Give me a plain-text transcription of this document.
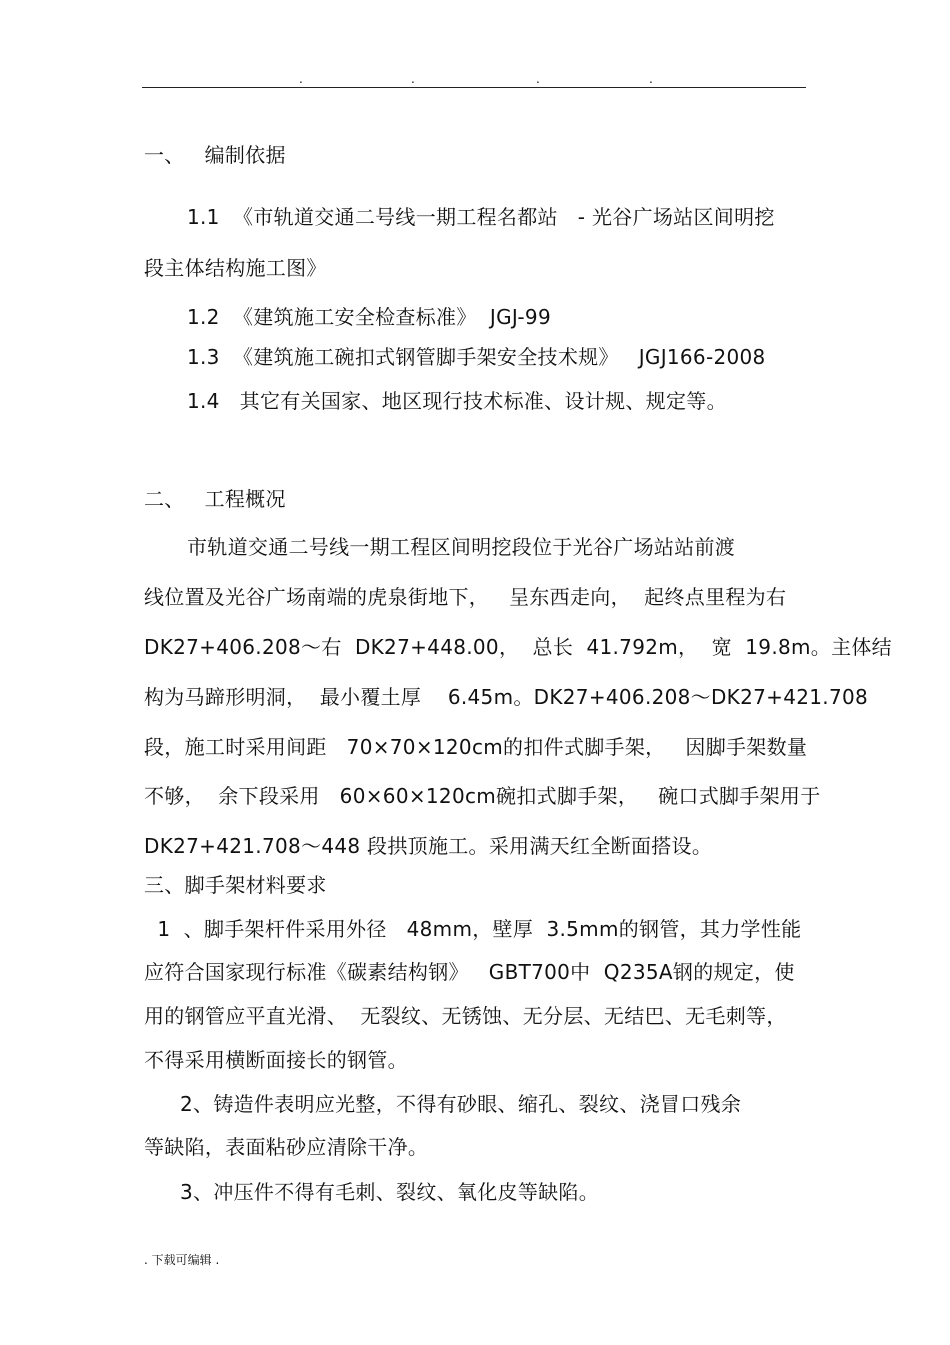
.	.	.	.
一、   编制依据
1.1  《市轨道交通二号线一期工程名都站   - 光谷广场站区间明挖
段主体结构施工图》
1.2  《建筑施工安全检查标准》  JGJ-99
1.3  《建筑施工碗扣式钢管脚手架安全技术规》   JGJ166-2008
1.4   其它有关国家、地区现行技术标准、设计规、规定等。
二、   工程概况
市轨道交通二号线一期工程区间明挖段位于光谷广场站站前渡
线位置及光谷广场南端的虎泉街地下，   呈东西走向，  起终点里程为右
DK27+406.208～右  DK27+448.00，  总长  41.792m，  宽  19.8m。主体结
构为马蹄形明洞，  最小覆土厚    6.45m。DK27+406.208～DK27+421.708
段，施工时采用间距   70×70×120cm的扣件式脚手架，   因脚手架数量
不够，  余下段采用   60×60×120cm碗扣式脚手架，   碗口式脚手架用于
DK27+421.708～448 段拱顶施工。采用满天红全断面搭设。
三、脚手架材料要求
1  、脚手架杆件采用外径   48mm，壁厚  3.5mm的钢管，其力学性能
应符合国家现行标准《碳素结构钢》   GBT700中  Q235A钢的规定，使
用的钢管应平直光滑、  无裂纹、无锈蚀、无分层、无结巴、无毛刺等，
不得采用横断面接长的钢管。
2、铸造件表明应光整，不得有砂眼、缩孔、裂纹、浇冒口残余
等缺陷，表面粘砂应清除干净。
3、冲压件不得有毛刺、裂纹、氧化皮等缺陷。
. 下载可编辑 .
